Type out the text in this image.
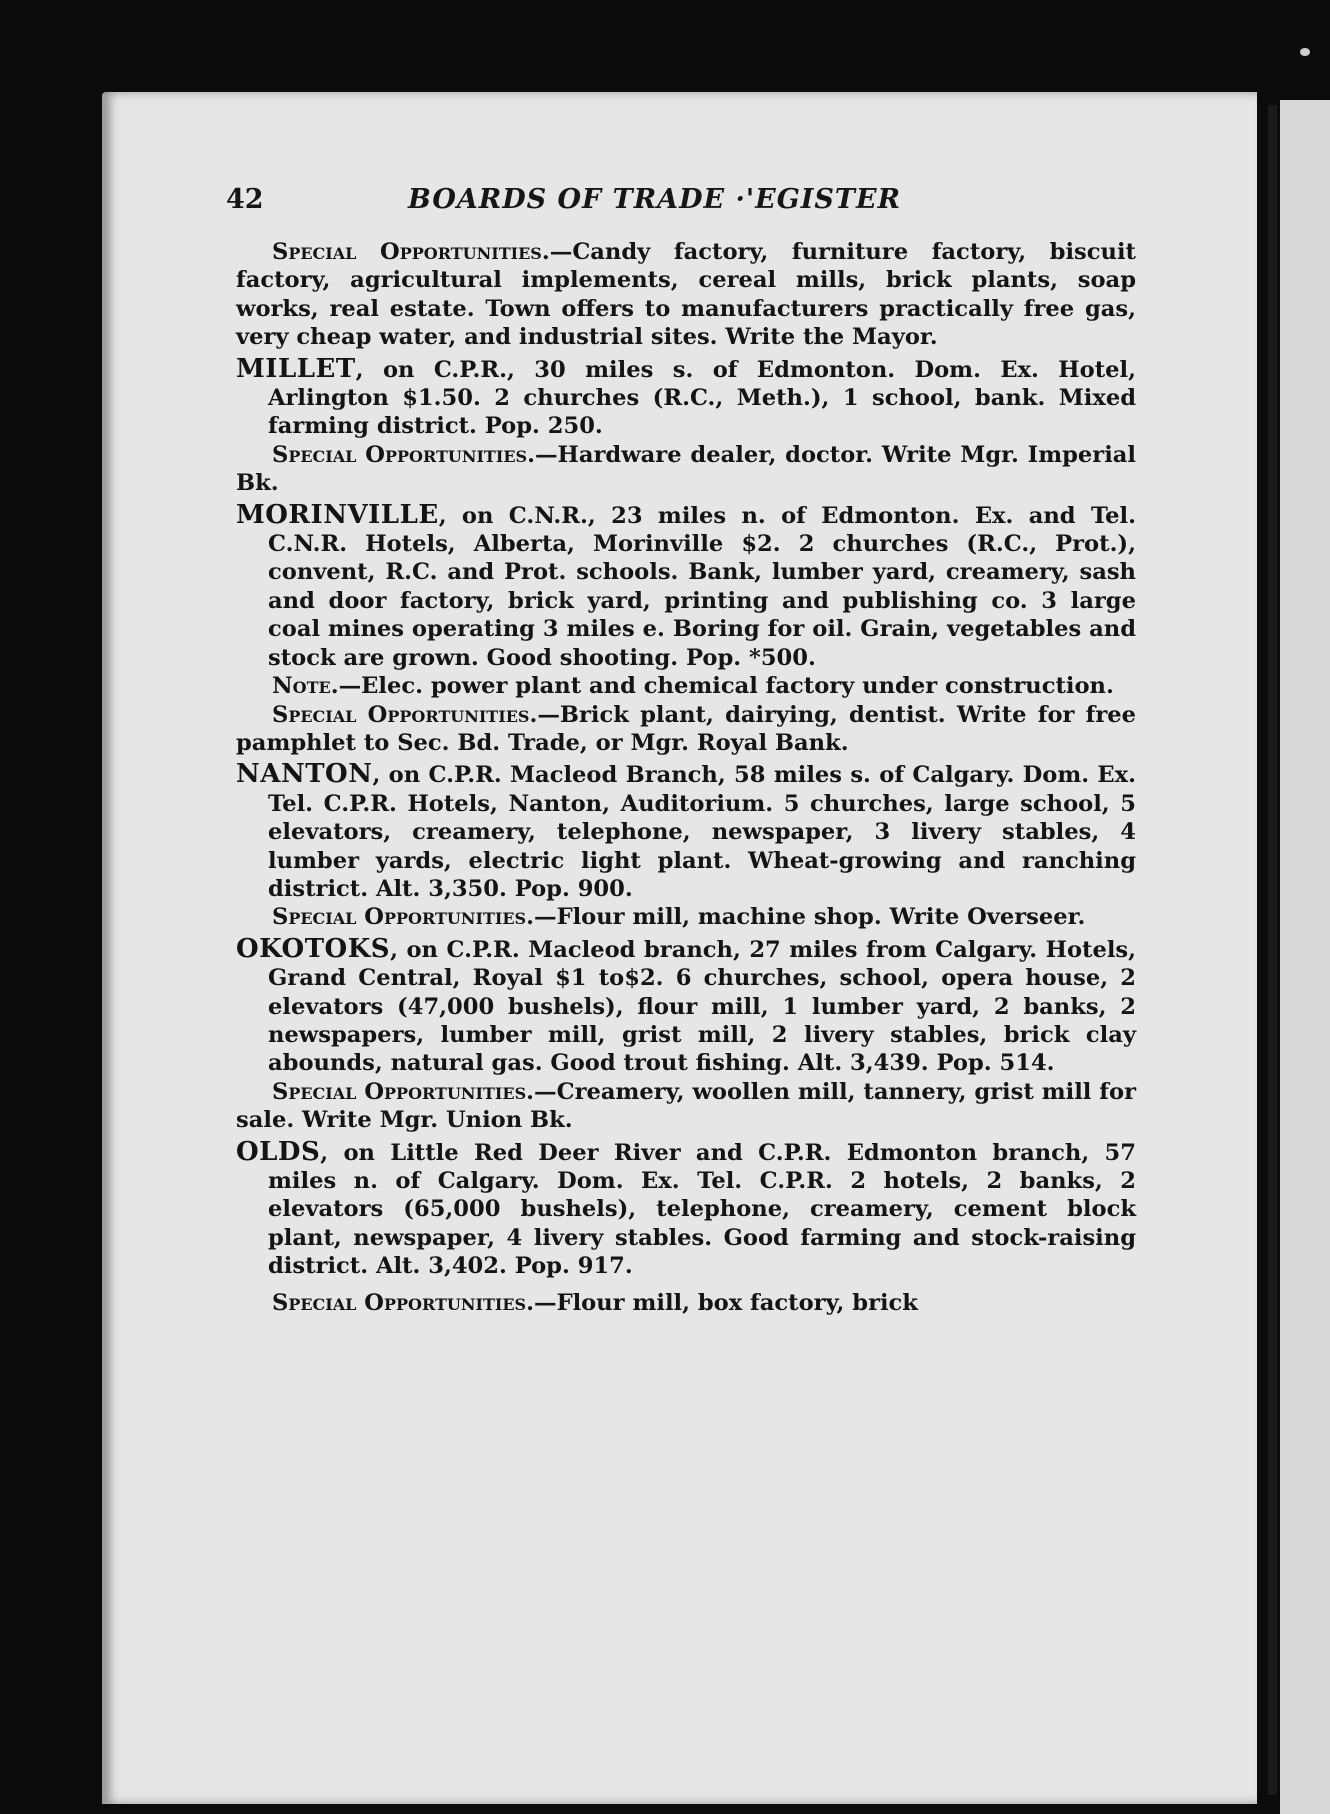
42	BOARDS OF TRADE ·'EGISTER

Special Opportunities.—Candy factory, furniture factory, biscuit factory, agricultural implements, cereal mills, brick plants, soap works, real estate. Town offers to manufacturers practically free gas, very cheap water, and industrial sites. Write the Mayor.

MILLET, on C.P.R., 30 miles s. of Edmonton. Dom. Ex. Hotel, Arlington $1.50. 2 churches (R.C., Meth.), 1 school, bank. Mixed farming district. Pop. 250.

Special Opportunities.—Hardware dealer, doctor. Write Mgr. Imperial Bk.

MORINVILLE, on C.N.R., 23 miles n. of Edmonton. Ex. and Tel. C.N.R. Hotels, Alberta, Morinville $2. 2 churches (R.C., Prot.), convent, R.C. and Prot. schools. Bank, lumber yard, creamery, sash and door factory, brick yard, printing and publishing co. 3 large coal mines operating 3 miles e. Boring for oil. Grain, vegetables and stock are grown. Good shooting. Pop. *500.

Note.—Elec. power plant and chemical factory under construction.

Special Opportunities.—Brick plant, dairying, dentist. Write for free pamphlet to Sec. Bd. Trade, or Mgr. Royal Bank.

NANTON, on C.P.R. Macleod Branch, 58 miles s. of Calgary. Dom. Ex. Tel. C.P.R. Hotels, Nanton, Auditorium. 5 churches, large school, 5 elevators, creamery, telephone, newspaper, 3 livery stables, 4 lumber yards, electric light plant. Wheat-growing and ranching district. Alt. 3,350. Pop. 900.

Special Opportunities.—Flour mill, machine shop. Write Overseer.

OKOTOKS, on C.P.R. Macleod branch, 27 miles from Calgary. Hotels, Grand Central, Royal $1 to$2. 6 churches, school, opera house, 2 elevators (47,000 bushels), flour mill, 1 lumber yard, 2 banks, 2 newspapers, lumber mill, grist mill, 2 livery stables, brick clay abounds, natural gas. Good trout fishing. Alt. 3,439. Pop. 514.

Special Opportunities.—Creamery, woollen mill, tannery, grist mill for sale. Write Mgr. Union Bk.

OLDS, on Little Red Deer River and C.P.R. Edmonton branch, 57 miles n. of Calgary. Dom. Ex. Tel. C.P.R. 2 hotels, 2 banks, 2 elevators (65,000 bushels), telephone, creamery, cement block plant, newspaper, 4 livery stables. Good farming and stock-raising district. Alt. 3,402. Pop. 917.

Special Opportunities.—Flour mill, box factory, brick
